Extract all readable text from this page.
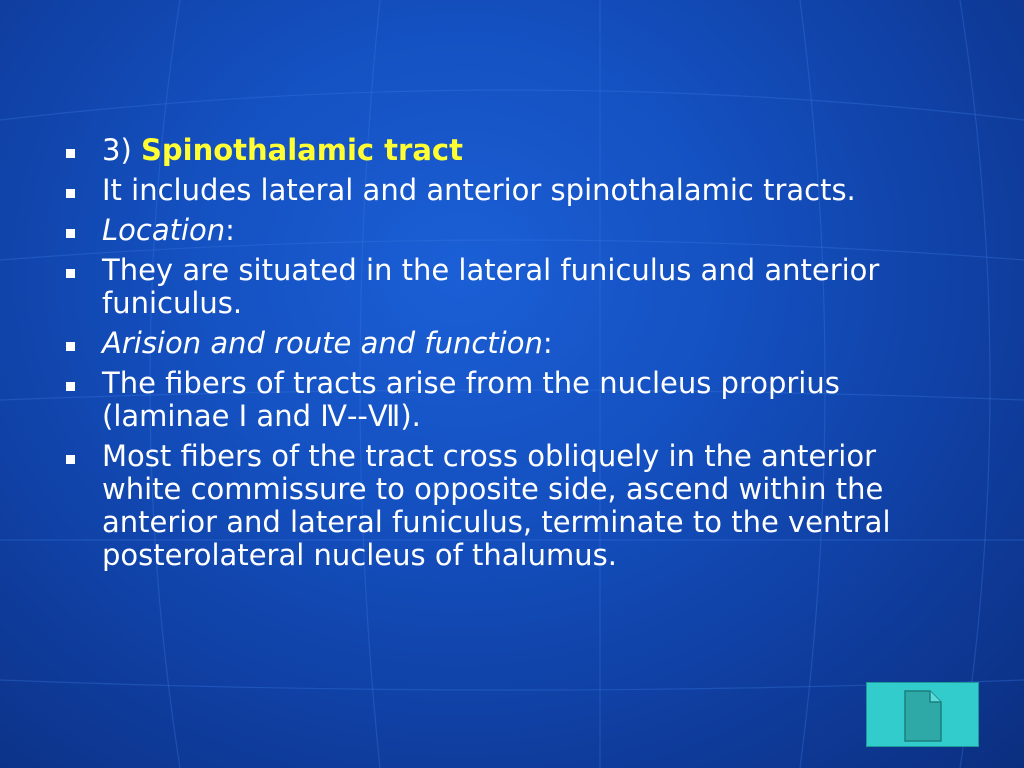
3) Spinothalamic tract
It includes lateral and anterior spinothalamic tracts.
Location:
They are situated in the lateral funiculus and anterior funiculus.
Arision and route and function:
The fibers of tracts arise from the nucleus proprius (laminae Ⅰ and Ⅳ--Ⅶ).
Most fibers of the tract cross obliquely in the anterior white commissure to opposite side, ascend within the anterior and lateral funiculus, terminate to the ventral posterolateral nucleus of thalumus.
